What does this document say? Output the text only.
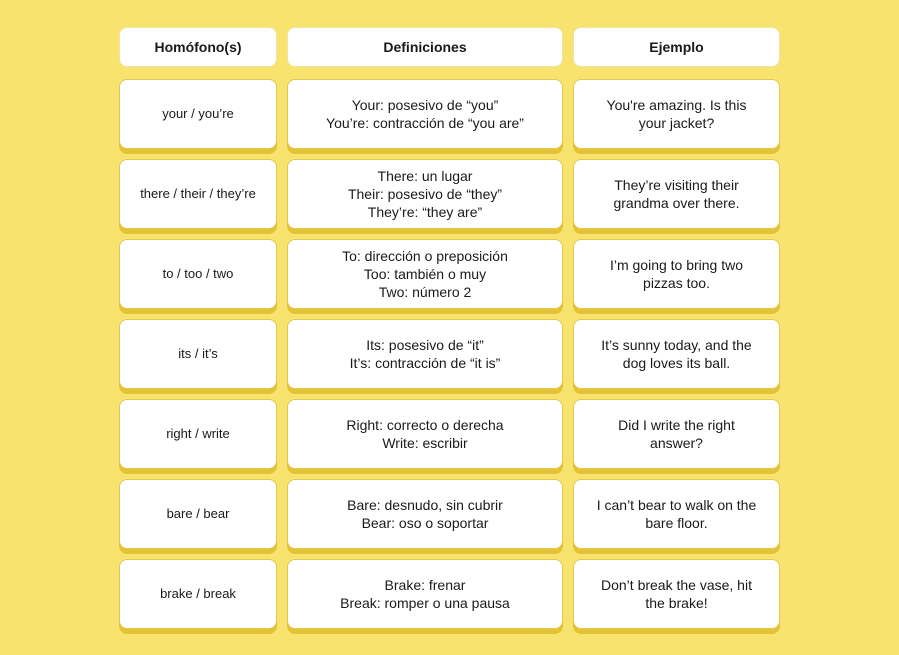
Homófono(s)	Definiciones	Ejemplo
your / you’re
Your: posesivo de “you”
You’re: contracción de “you are”
You're amazing. Is this your jacket?
there / their / they’re
There: un lugar
Their: posesivo de “they”
They’re: “they are”
They’re visiting their grandma over there.
to / too / two
To: dirección o preposición
Too: también o muy
Two: número 2
I’m going to bring two pizzas too.
its / it’s
Its: posesivo de “it”
It’s: contracción de “it is”
It’s sunny today, and the dog loves its ball.
right / write
Right: correcto o derecha
Write: escribir
Did I write the right answer?
bare / bear
Bare: desnudo, sin cubrir
Bear: oso o soportar
I can’t bear to walk on the bare floor.
brake / break
Brake: frenar
Break: romper o una pausa
Don’t break the vase, hit the brake!
